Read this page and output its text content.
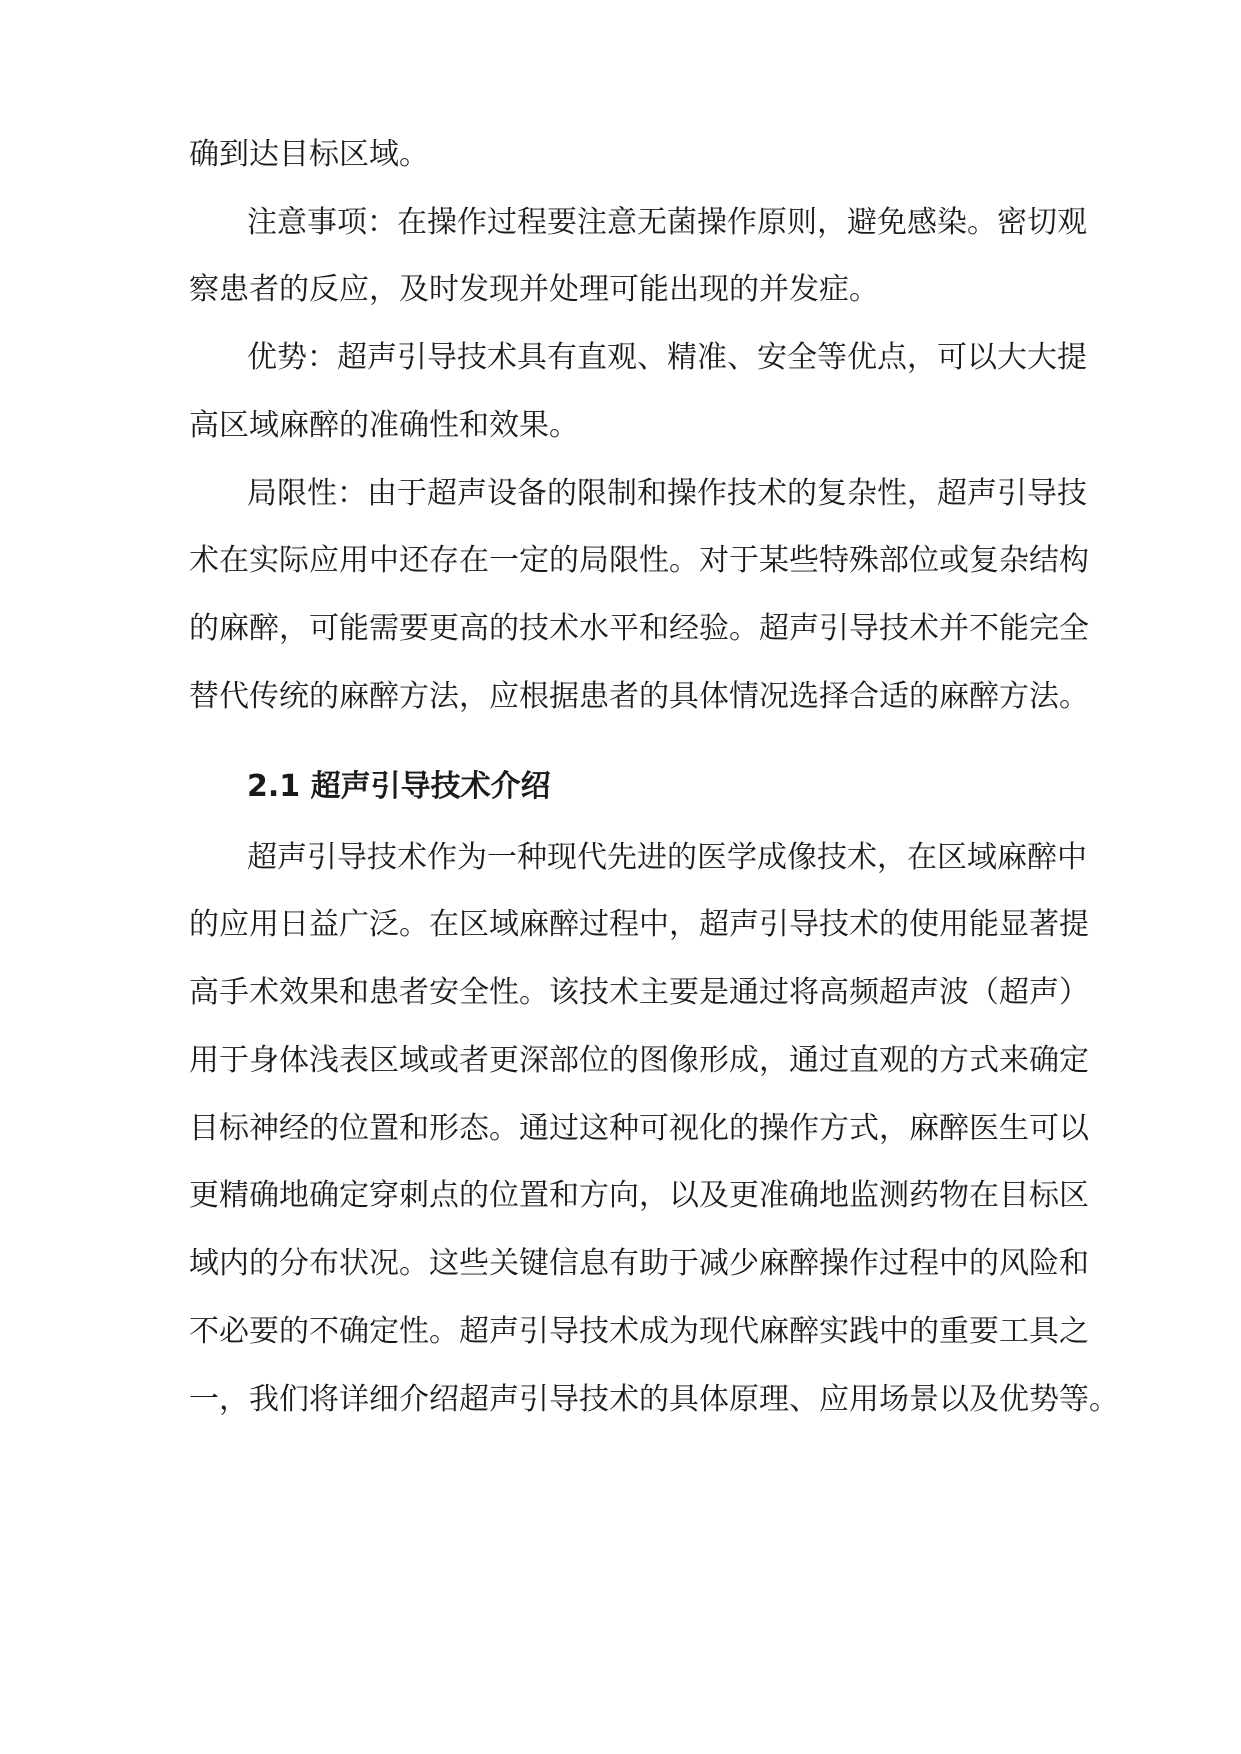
确到达目标区域。
注意事项：在操作过程要注意无菌操作原则，避免感染。密切观
察患者的反应，及时发现并处理可能出现的并发症。
优势：超声引导技术具有直观、精准、安全等优点，可以大大提
高区域麻醉的准确性和效果。
局限性：由于超声设备的限制和操作技术的复杂性，超声引导技
术在实际应用中还存在一定的局限性。对于某些特殊部位或复杂结构
的麻醉，可能需要更高的技术水平和经验。超声引导技术并不能完全
替代传统的麻醉方法，应根据患者的具体情况选择合适的麻醉方法。
2.1 超声引导技术介绍
超声引导技术作为一种现代先进的医学成像技术，在区域麻醉中
的应用日益广泛。在区域麻醉过程中，超声引导技术的使用能显著提
高手术效果和患者安全性。该技术主要是通过将高频超声波（超声）
用于身体浅表区域或者更深部位的图像形成，通过直观的方式来确定
目标神经的位置和形态。通过这种可视化的操作方式，麻醉医生可以
更精确地确定穿刺点的位置和方向，以及更准确地监测药物在目标区
域内的分布状况。这些关键信息有助于减少麻醉操作过程中的风险和
不必要的不确定性。超声引导技术成为现代麻醉实践中的重要工具之
一，我们将详细介绍超声引导技术的具体原理、应用场景以及优势等。
